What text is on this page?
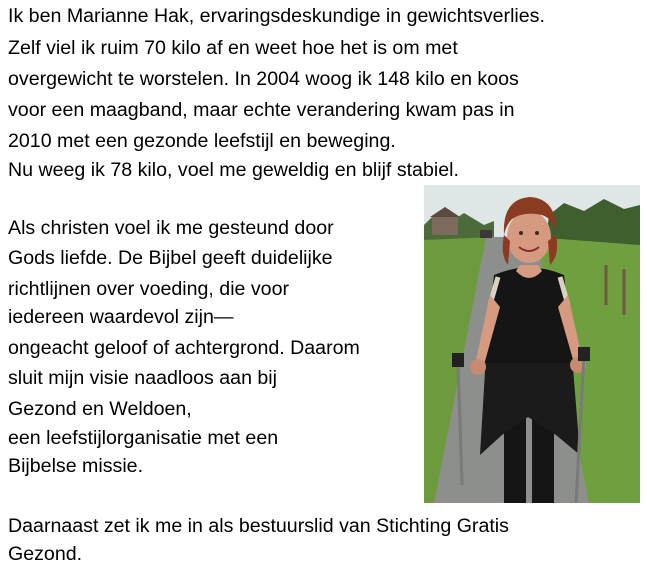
Ik ben Marianne Hak, ervaringsdeskundige in gewichtsverlies.

Zelf viel ik ruim 70 kilo af en weet hoe het is om met

overgewicht te worstelen. In 2004 woog ik 148 kilo en koos

voor een maagband, maar echte verandering kwam pas in

2010 met een gezonde leefstijl en beweging.

Nu weeg ik 78 kilo, voel me geweldig en blijf stabiel.

Als christen voel ik me gesteund door

Gods liefde. De Bijbel geeft duidelijke

richtlijnen over voeding, die voor

iedereen waardevol zijn—

ongeacht geloof of achtergrond. Daarom

sluit mijn visie naadloos aan bij

Gezond en Weldoen,

een leefstijlorganisatie met een

Bijbelse missie.

Daarnaast zet ik me in als bestuurslid van Stichting Gratis

Gezond.
